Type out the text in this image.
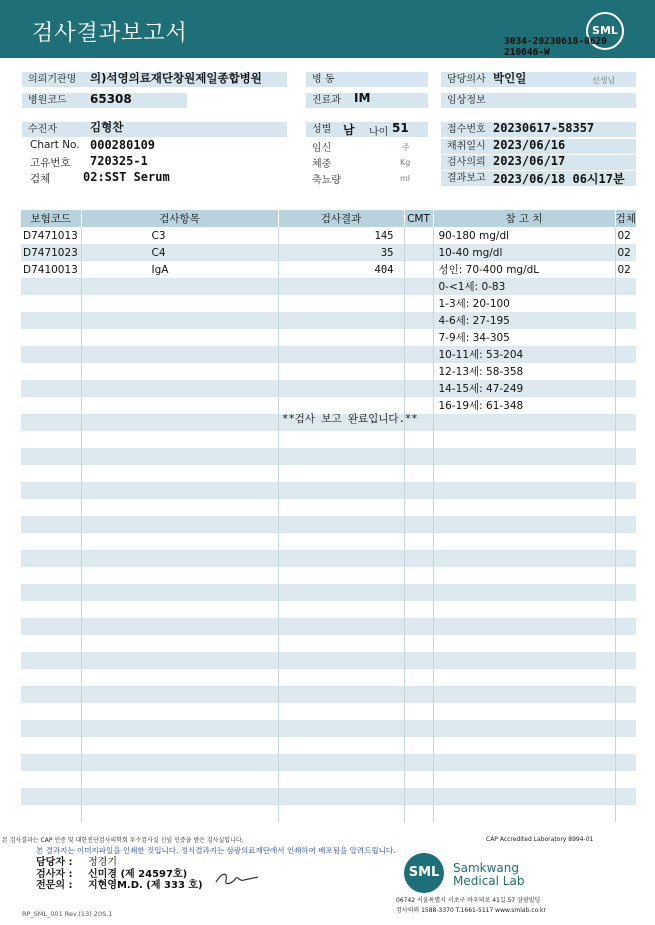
검사결과보고서	SML
3034-20230618-0620
210046-W
의뢰기관명	의)석영의료재단창원제일종합병원	병 동	담당의사 박인일	선생님
병원코드	65308	진료과	IM	임상정보
수진자	김형찬	성별 남 나이 51	접수번호 20230617-58357
Chart No. 000280109	임신	주	채취일시 2023/06/16
고유번호 720325-1	체중	Kg	검사의뢰 2023/06/17
검체	02:SST Serum	축뇨량	ml	결과보고 2023/06/18 06시17분
보험코드	검사항목	검사결과	CMT	참 고 치	검체
D7471013	C3	145		90-180 mg/dl	02
D7471023	C4	35		10-40 mg/dl	02
D7410013	IgA	404		성인: 70-400 mg/dL	02
				0-<1세: 0-83	
				1-3세: 20-100	
				4-6세: 27-195	
				7-9세: 34-305	
				10-11세: 53-204	
				12-13세: 58-358	
				14-15세: 47-249	
				16-19세: 61-348	

**검사 보고 완료입니다.**
본 검사결과는 CAP 인증 및 대한진단검사의학회 우수검사실 신임 인증을 받은 검사실입니다.	CAP Accredited Laboratory 8994-01
본 결과지는 이미지파일을 인쇄한 것입니다. 정식결과지는 삼광의료재단에서 인쇄하여 배포됨을 알려드립니다.
담당자 : 정경기
검사자 : 신미경 (제 24597호)
전문의 : 지현영M.D. (제 333 호)
SML	Samkwang
Medical Lab
06742 서울특별시 서초구 바우뫼로 41길 57 삼광빌딩
검사의뢰 1588-3370 T.1661-5117 www.smlab.co.kr
RP_SML_001 Rev.(13) 20S.1
